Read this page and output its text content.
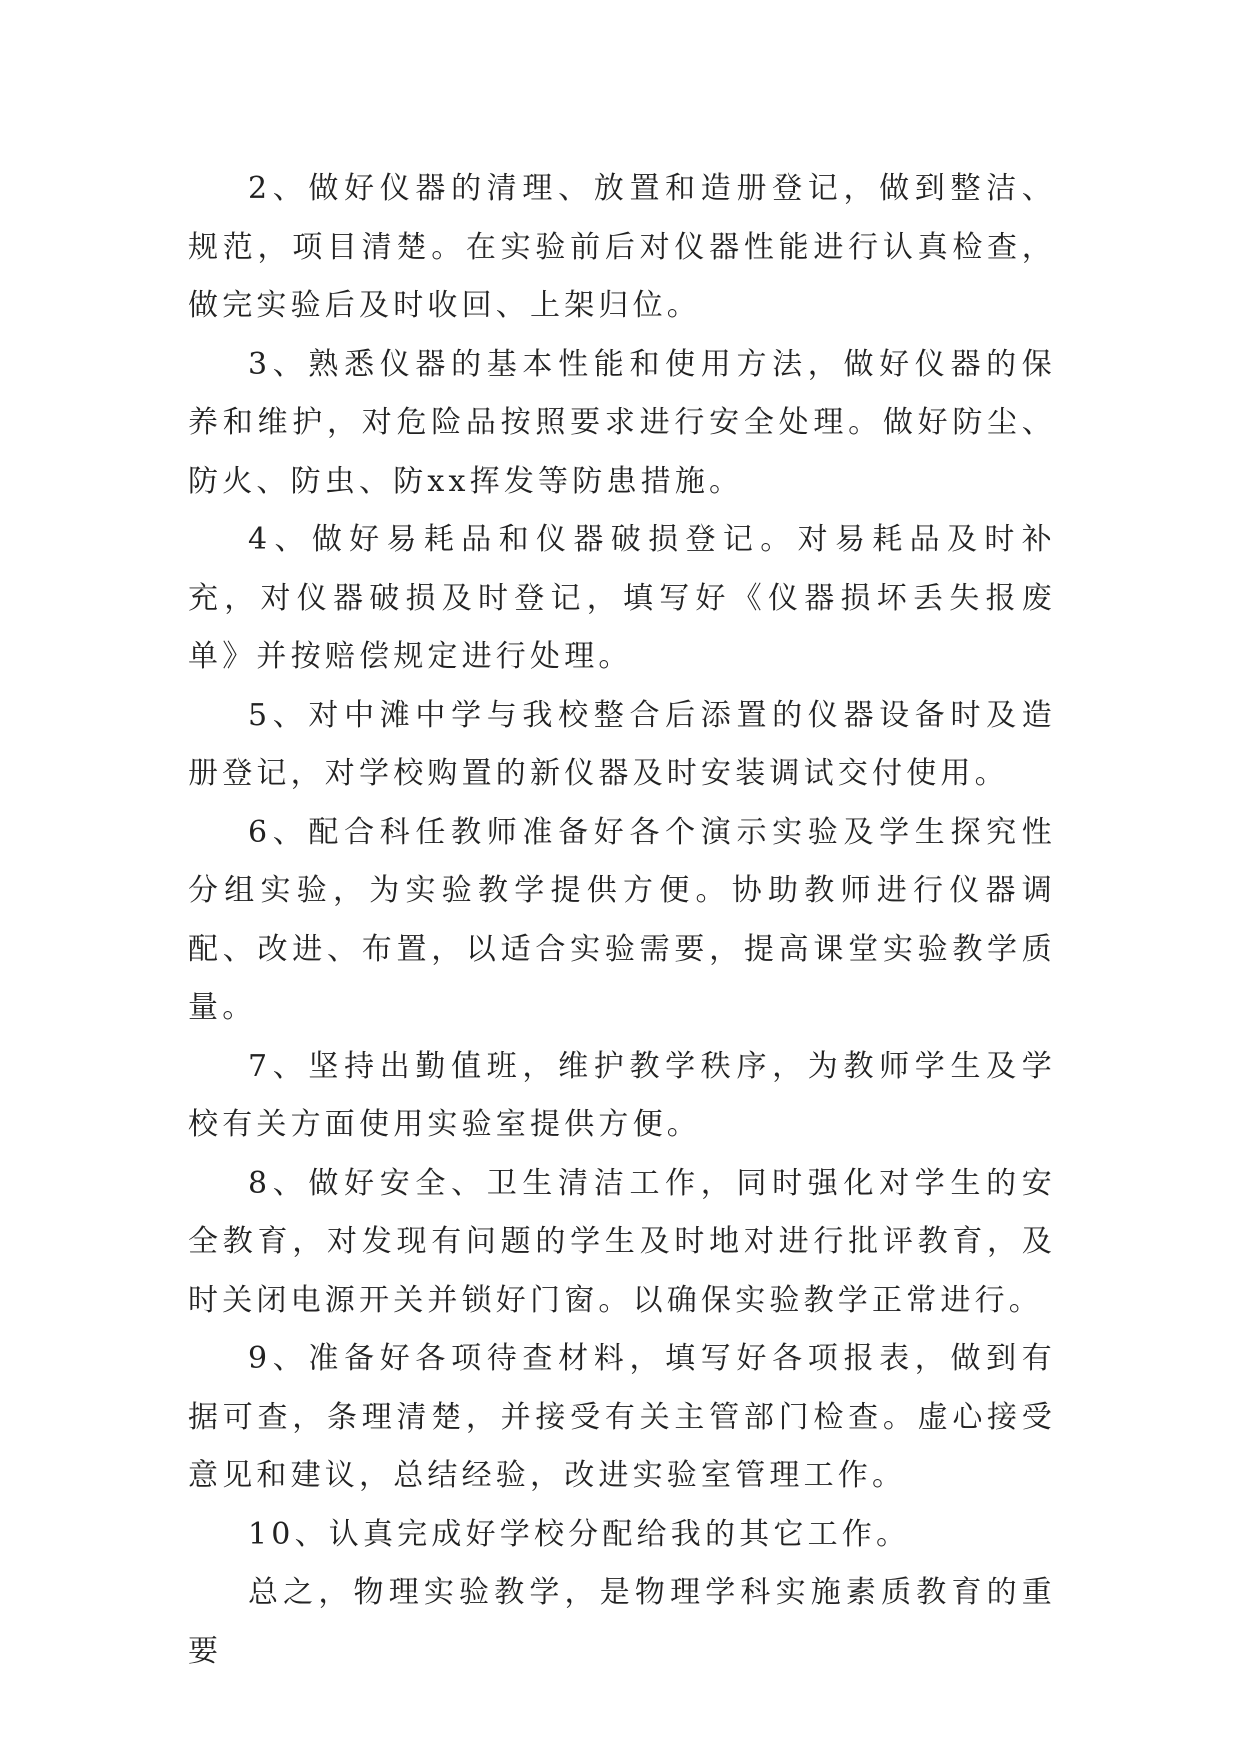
2、做好仪器的清理、放置和造册登记，做到整洁、规范，项目清楚。在实验前后对仪器性能进行认真检查，做完实验后及时收回、上架归位。

3、熟悉仪器的基本性能和使用方法，做好仪器的保养和维护，对危险品按照要求进行安全处理。做好防尘、防火、防虫、防xx挥发等防患措施。

4、做好易耗品和仪器破损登记。对易耗品及时补充，对仪器破损及时登记，填写好《仪器损坏丢失报废单》并按赔偿规定进行处理。

5、对中滩中学与我校整合后添置的仪器设备时及造册登记，对学校购置的新仪器及时安装调试交付使用。

6、配合科任教师准备好各个演示实验及学生探究性分组实验，为实验教学提供方便。协助教师进行仪器调配、改进、布置，以适合实验需要，提高课堂实验教学质量。

7、坚持出勤值班，维护教学秩序，为教师学生及学校有关方面使用实验室提供方便。

8、做好安全、卫生清洁工作，同时强化对学生的安全教育，对发现有问题的学生及时地对进行批评教育，及时关闭电源开关并锁好门窗。以确保实验教学正常进行。

9、准备好各项待查材料，填写好各项报表，做到有据可查，条理清楚，并接受有关主管部门检查。虚心接受意见和建议，总结经验，改进实验室管理工作。

10、认真完成好学校分配给我的其它工作。

总之，物理实验教学，是物理学科实施素质教育的重要
